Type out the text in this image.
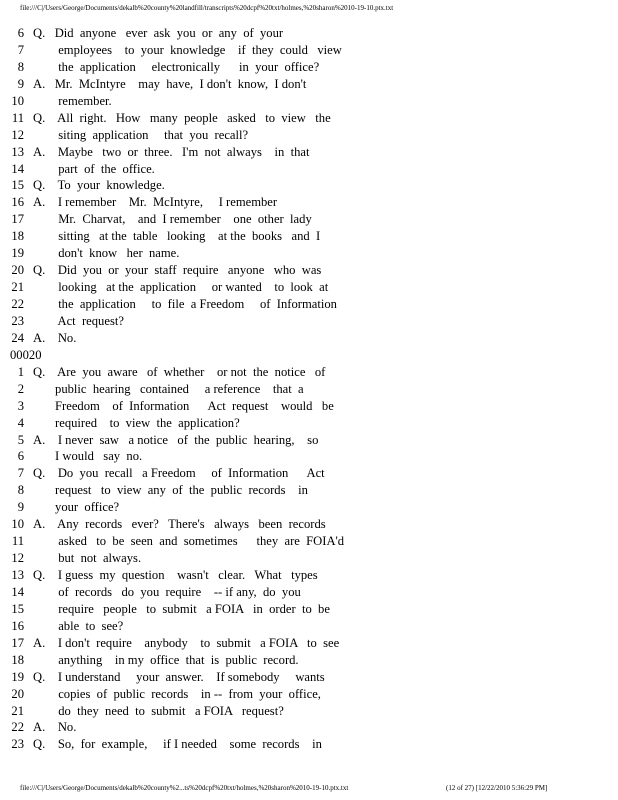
file:///C|/Users/George/Documents/dekalb%20county%20landfill/transcripts%20dcpf%20txt/holmes,%20sharon%2010-19-10.ptx.txt
6 Q.   Did  anyone   ever  ask  you  or  any  of  your
7 employees    to  your  knowledge    if  they  could   view
8 the  application     electronically      in  your  office?
9 A.   Mr.  McIntyre    may  have,  I don't  know,  I don't
10 remember.
11 Q.    All  right.   How   many  people   asked   to  view   the
12 siting  application     that  you  recall?
13 A.    Maybe   two  or  three.   I'm  not  always    in  that
14 part  of  the  office.
15 Q.    To  your  knowledge.
16 A.    I remember    Mr.  McIntyre,     I remember
17 Mr.  Charvat,    and  I remember    one  other  lady
18 sitting   at the  table   looking    at the  books   and  I
19 don't  know   her  name.
20 Q.    Did  you  or  your  staff  require   anyone   who  was
21 looking   at the  application     or wanted    to  look  at
22 the  application     to  file  a Freedom     of  Information
23 Act  request?
24 A.    No.
00020
1 Q.    Are  you  aware   of  whether    or not  the  notice   of
2 public  hearing   contained     a reference    that  a
3 Freedom    of  Information      Act  request    would   be
4 required    to  view  the  application?
5 A.    I never  saw   a notice   of  the  public  hearing,    so
6 I would   say  no.
7 Q.    Do  you  recall   a Freedom     of  Information      Act
8 request   to  view  any  of  the  public  records    in
9 your  office?
10 A.    Any  records   ever?   There's   always   been  records
11 asked   to  be  seen  and  sometimes      they  are  FOIA'd
12 but  not  always.
13 Q.    I guess  my  question    wasn't   clear.   What   types
14 of  records   do  you  require    -- if any,  do  you
15 require   people   to  submit   a FOIA   in  order  to  be
16 able  to  see?
17 A.    I don't  require    anybody    to  submit   a FOIA   to  see
18 anything    in my  office  that  is  public  record.
19 Q.    I understand     your  answer.    If somebody     wants
20 copies  of  public  records    in --  from  your  office,
21 do  they  need  to  submit   a FOIA   request?
22 A.    No.
23 Q.    So,  for  example,     if I needed    some  records    in
file:///C|/Users/George/Documents/dekalb%20county%2...ts%20dcpf%20txt/holmes,%20sharon%2010-19-10.ptx.txt	(12 of 27) [12/22/2010 5:36:29 PM]
